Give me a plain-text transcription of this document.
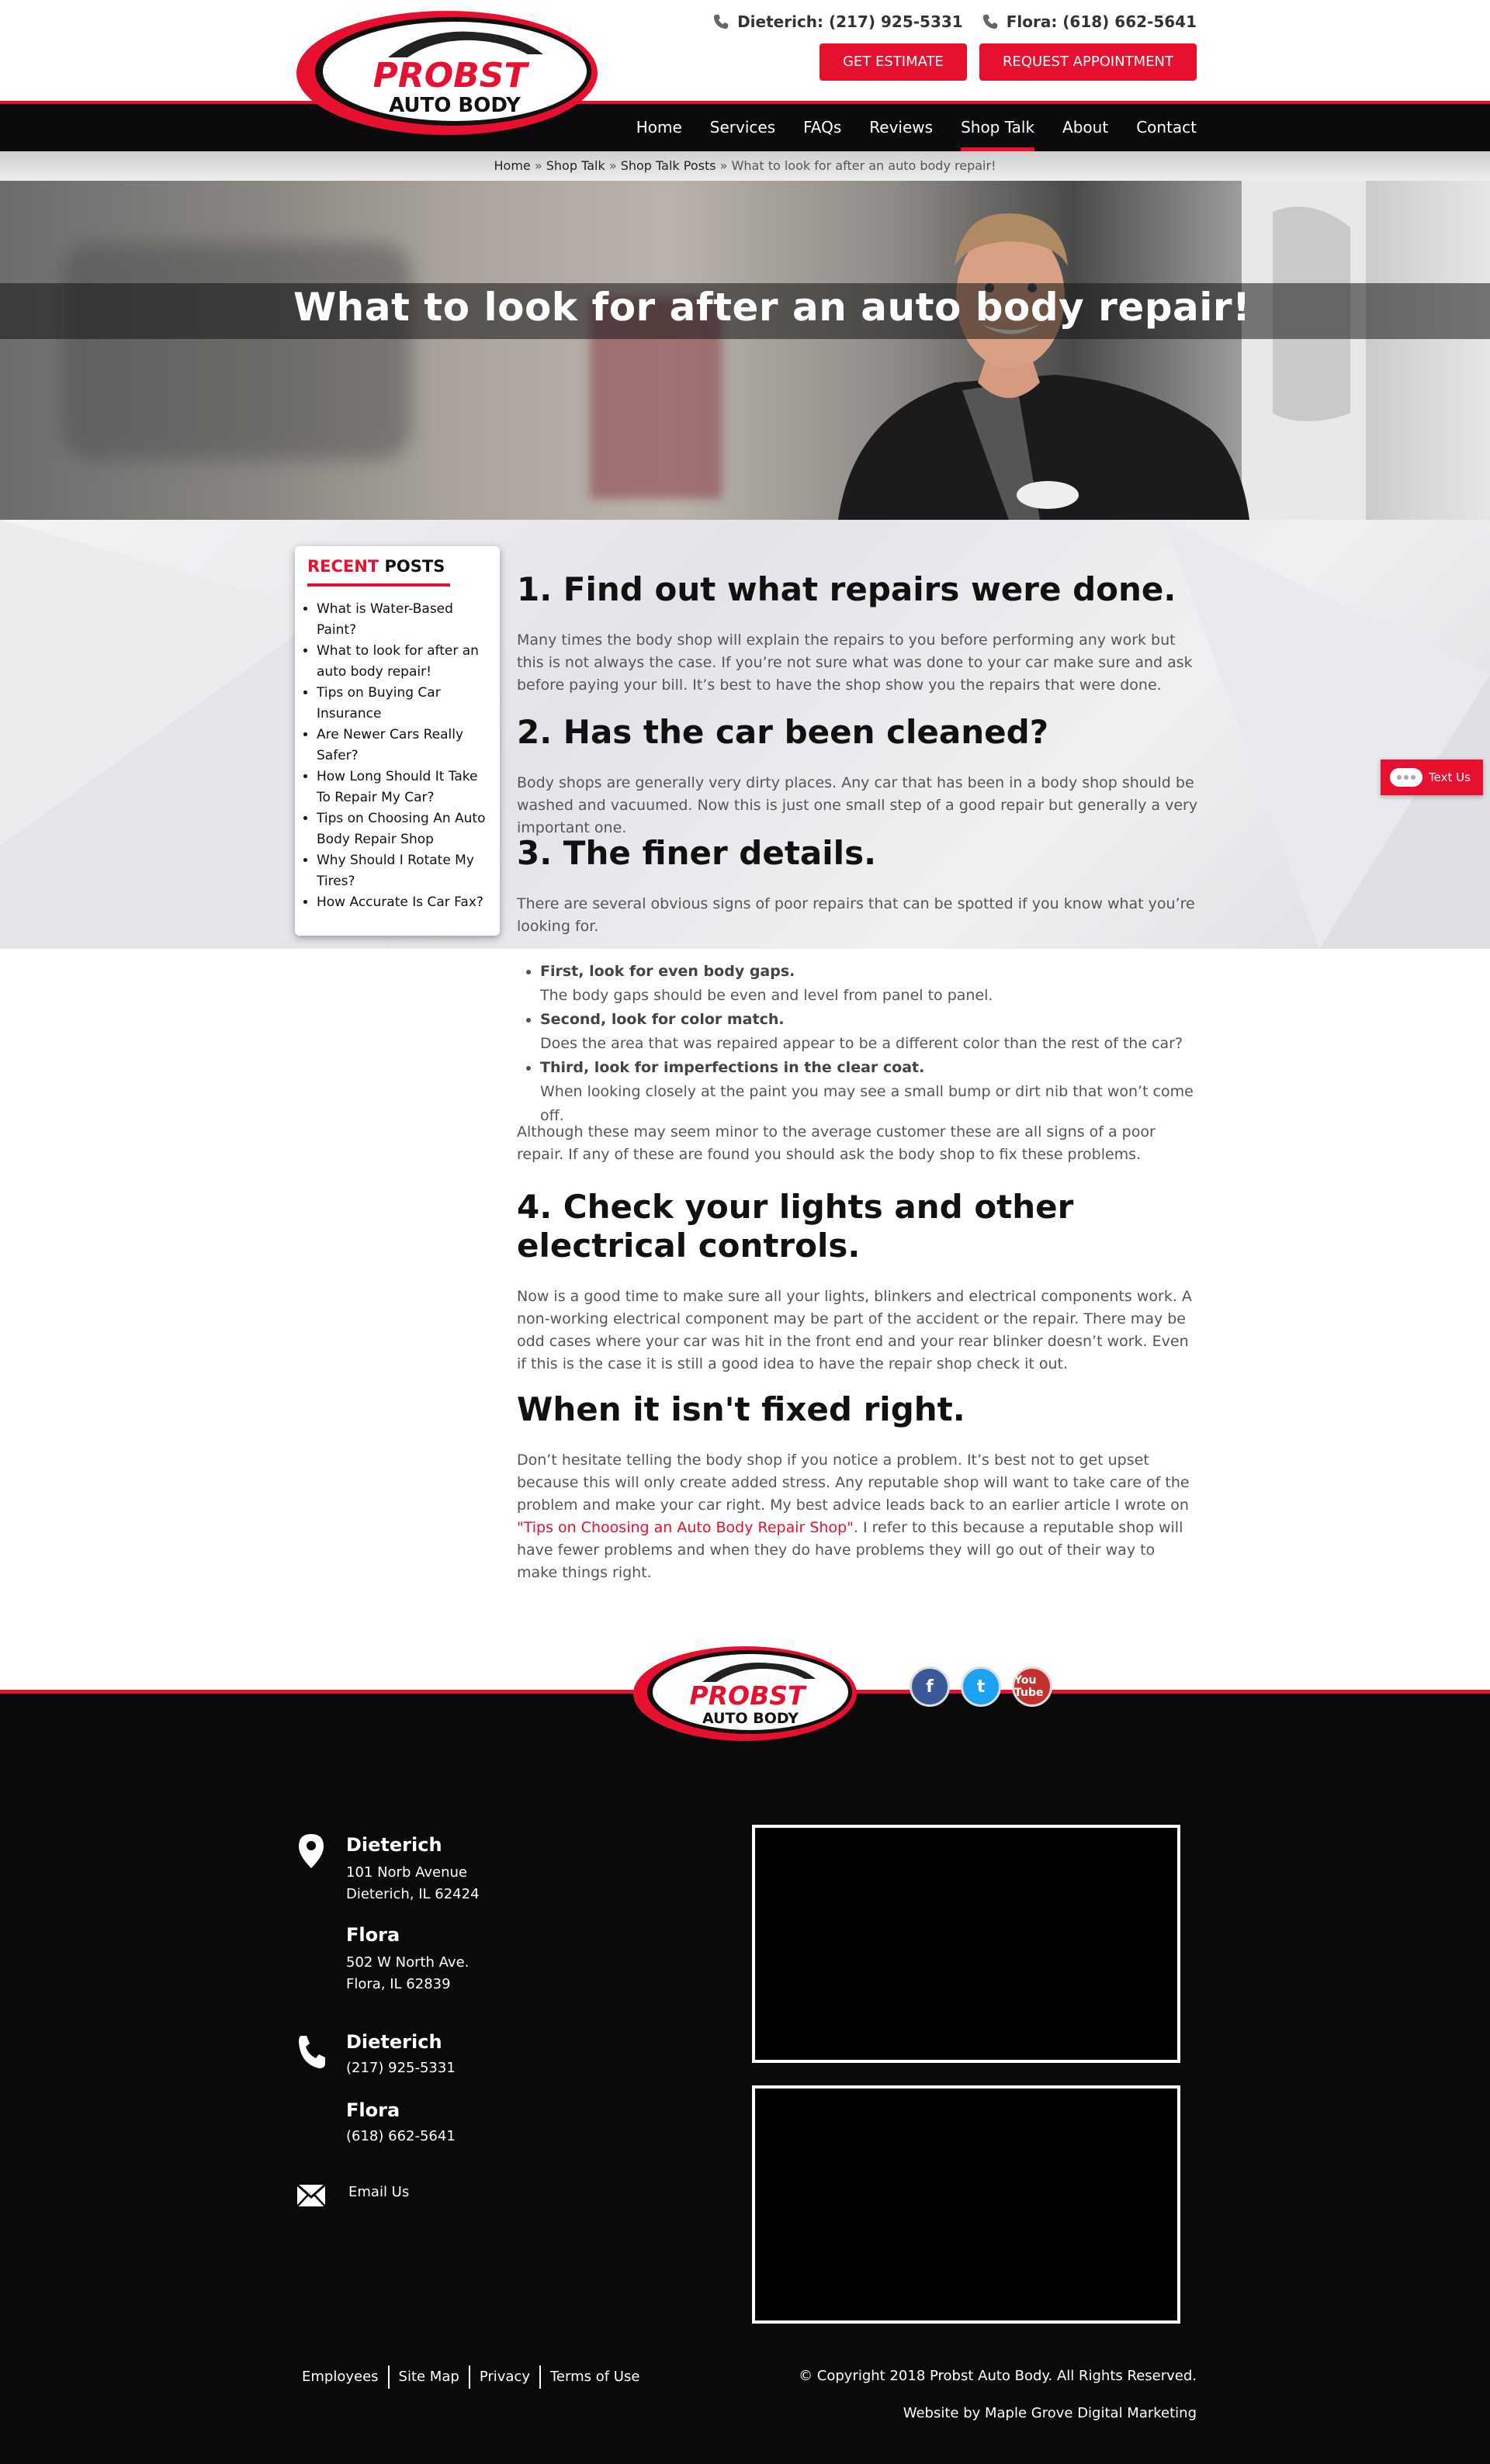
PROBST
AUTO BODY
Dieterich: (217) 925-5331	Flora: (618) 662-5641
GET ESTIMATE	REQUEST APPOINTMENT
Home Services FAQs Reviews Shop Talk About Contact
Home » Shop Talk » Shop Talk Posts » What to look for after an auto body repair!
What to look for after an auto body repair!
RECENT POSTS
• What is Water-Based Paint?
• What to look for after an auto body repair!
• Tips on Buying Car Insurance
• Are Newer Cars Really Safer?
• How Long Should It Take To Repair My Car?
• Tips on Choosing An Auto Body Repair Shop
• Why Should I Rotate My Tires?
• How Accurate Is Car Fax?
1. Find out what repairs were done.

Many times the body shop will explain the repairs to you before performing any work but this is not always the case. If you’re not sure what was done to your car make sure and ask before paying your bill. It’s best to have the shop show you the repairs that were done.

2. Has the car been cleaned?

Body shops are generally very dirty places. Any car that has been in a body shop should be washed and vacuumed. Now this is just one small step of a good repair but generally a very important one.

3. The finer details.

There are several obvious signs of poor repairs that can be spotted if you know what you’re looking for.

• First, look for even body gaps.
The body gaps should be even and level from panel to panel.
• Second, look for color match.
Does the area that was repaired appear to be a different color than the rest of the car?
• Third, look for imperfections in the clear coat.
When looking closely at the paint you may see a small bump or dirt nib that won’t come off.

Although these may seem minor to the average customer these are all signs of a poor repair. If any of these are found you should ask the body shop to fix these problems.

4. Check your lights and other electrical controls.

Now is a good time to make sure all your lights, blinkers and electrical components work. A non-working electrical component may be part of the accident or the repair. There may be odd cases where your car was hit in the front end and your rear blinker doesn’t work. Even if this is the case it is still a good idea to have the repair shop check it out.

When it isn't fixed right.

Don’t hesitate telling the body shop if you notice a problem. It’s best not to get upset because this will only create added stress. Any reputable shop will want to take care of the problem and make your car right. My best advice leads back to an earlier article I wrote on "Tips on Choosing an Auto Body Repair Shop". I refer to this because a reputable shop will have fewer problems and when they do have problems they will go out of their way to make things right.

Text Us
PROBST
AUTO BODY
f	t	You Tube
Dieterich
101 Norb Avenue
Dieterich, IL 62424
Flora
502 W North Ave.
Flora, IL 62839
Dieterich
(217) 925-5331
Flora
(618) 662-5641
Email Us
Employees	Site Map	Privacy	Terms of Use	© Copyright 2018 Probst Auto Body. All Rights Reserved.
Website by Maple Grove Digital Marketing
